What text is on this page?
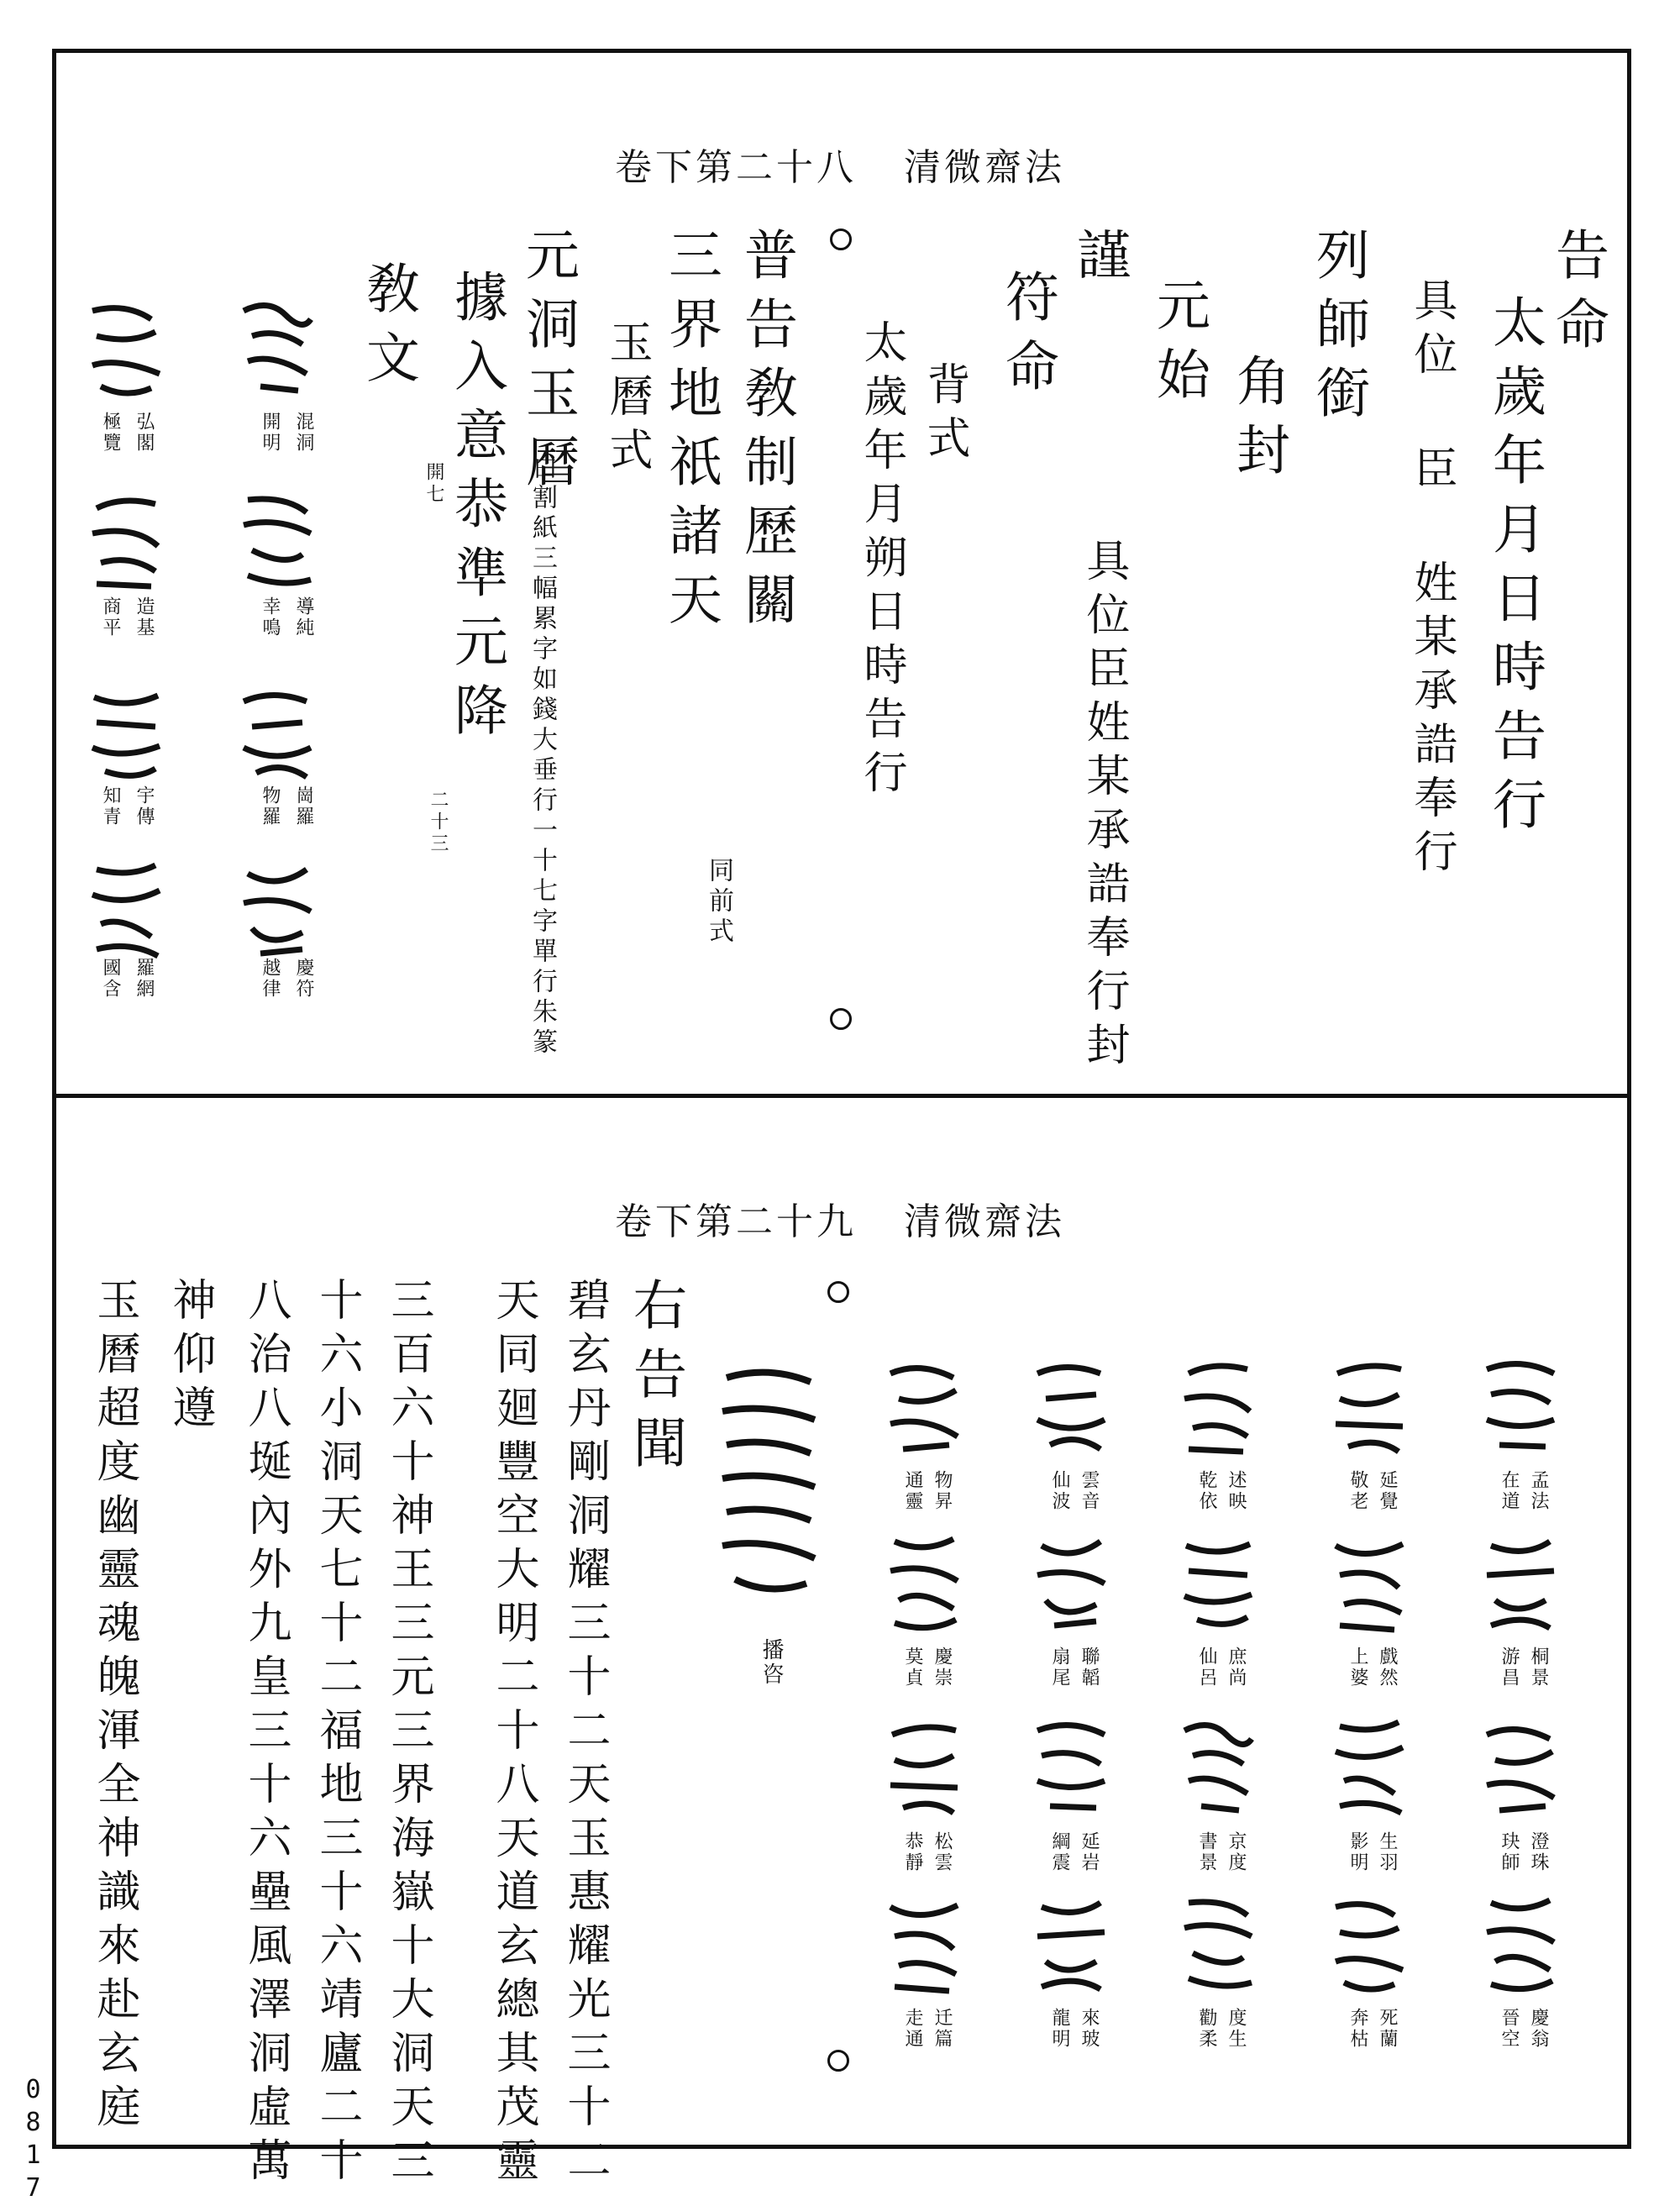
卷下第二十八 清微齋法
告命
太歲年月日時告行
具位 臣 姓某承誥奉行
列師銜
角封
元始
謹
符命
具位臣姓某承誥奉行封
背式
太歲年月朔日時告行
普告敎制歷關
三界地祇諸天
同前式
玉曆式
元洞玉曆
白割紙三幅累字如錢大垂行一十七字單行朱篆
據入意恭準元降
開七
二十三
敎文
混洞
開明
導純
幸鳴
崗羅
物羅
慶符
越律
弘閣
極覽
造基
商平
宇傳
知青
羅網
國含
卷下第二十九 清微齋法
孟法
在道
桐景
游昌
澄珠
玦師
慶翁
晉空
延覺
敬老
戲然
上婆
生羽
影明
死蘭
奔枯
述映
乾依
庶尚
仙呂
京度
書景
度生
勸柔
雲音
仙波
聯韜
扇尾
延岩
綱震
來玻
龍明
物昇
通靈
慶崇
莫貞
松雲
恭靜
迁篇
走通
播咨
右告聞
碧玄丹剛洞耀三十二天玉惠耀光三十二
天同廻豐空大明二十八天道玄總其茂靈
三百六十神王三元三界海嶽十大洞天三
十六小洞天七十二福地三十六靖廬二十
八治八埏內外九皇三十六壘風澤洞虛萬
神仰遵
玉曆超度幽靈魂魄渾全神識來赴玄庭
0817
